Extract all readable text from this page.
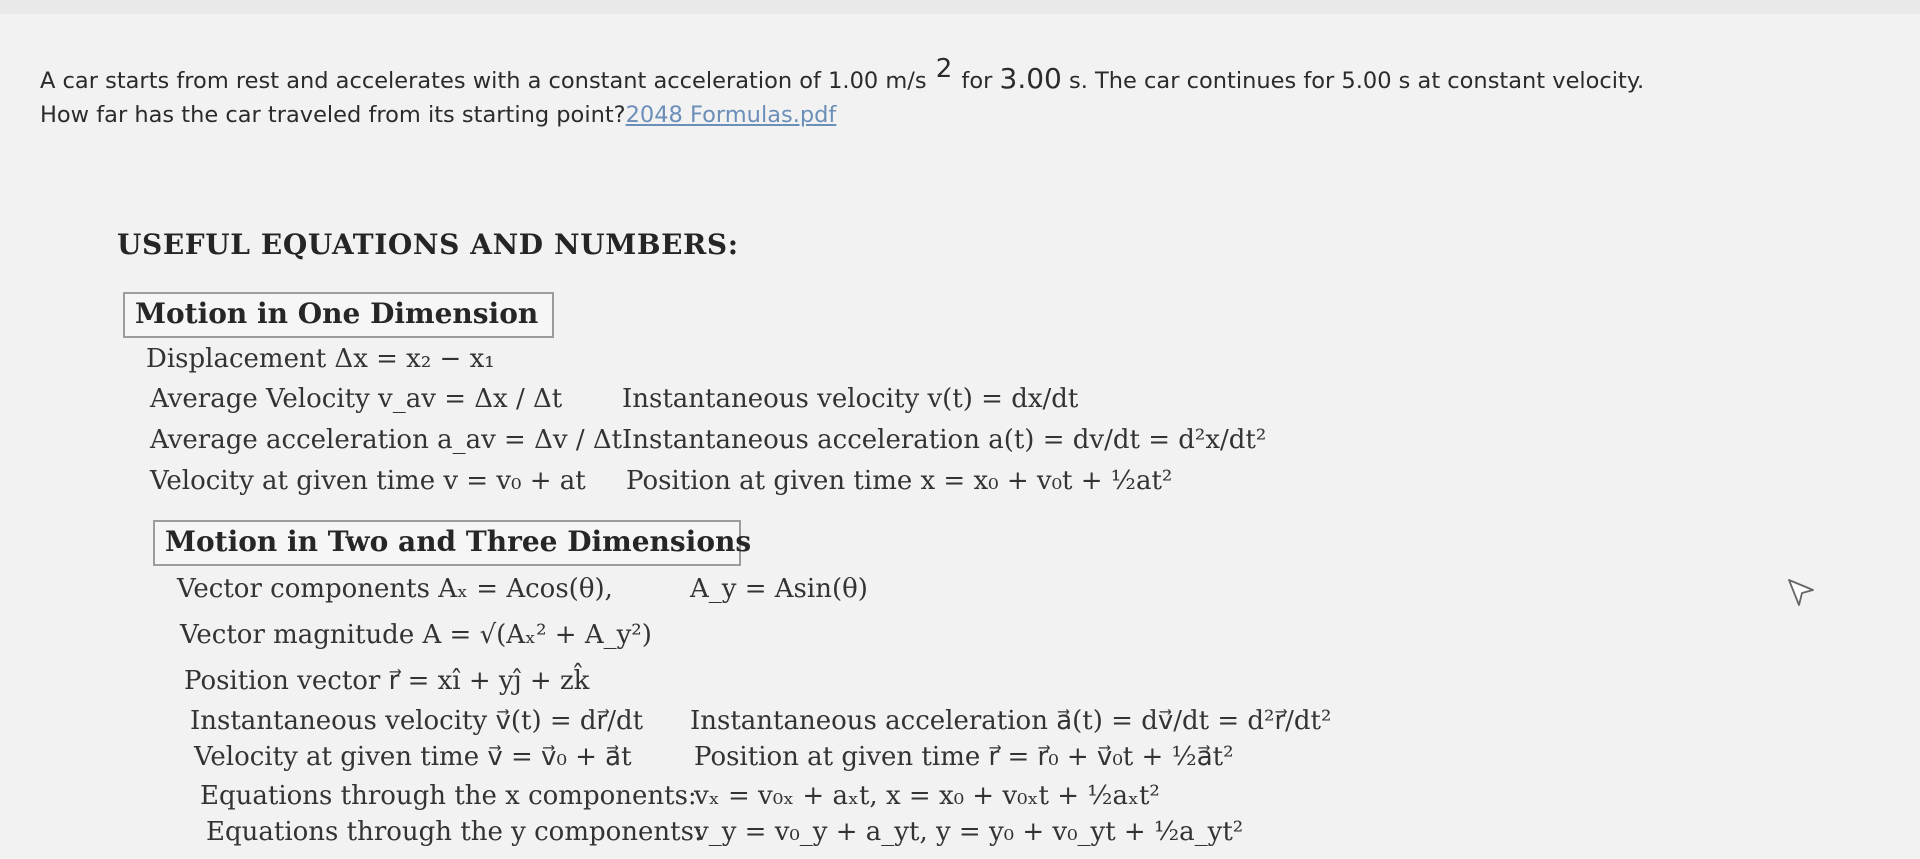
A car starts from rest and accelerates with a constant acceleration of 1.00 m/s 2 for 3.00 s. The car continues for 5.00 s at constant velocity.
How far has the car traveled from its starting point?2048 Formulas.pdf
USEFUL EQUATIONS AND NUMBERS:
Motion in One Dimension
Displacement Δx = x₂ − x₁
Average Velocity v_av = Δx / Δt Instantaneous velocity v(t) = dx/dt
Average acceleration a_av = Δv / Δt Instantaneous acceleration a(t) = dv/dt = d²x/dt²
Velocity at given time v = v₀ + at Position at given time x = x₀ + v₀t + ½at²
Motion in Two and Three Dimensions
Vector components Aₓ = Acos(θ),	A_y = Asin(θ)
Vector magnitude A = √(Aₓ² + A_y²)
Position vector r⃗ = xî + yĵ + zk̂
Instantaneous velocity v⃗(t) = dr⃗/dt Instantaneous acceleration a⃗(t) = dv⃗/dt = d²r⃗/dt²
Velocity at given time v⃗ = v⃗₀ + a⃗t Position at given time r⃗ = r⃗₀ + v⃗₀t + ½a⃗t²
Equations through the x components:
vₓ = v₀ₓ + aₓt, x = x₀ + v₀ₓt + ½aₓt²
Equations through the y components:
v_y = v₀_y + a_yt, y = y₀ + v₀_yt + ½a_yt²
